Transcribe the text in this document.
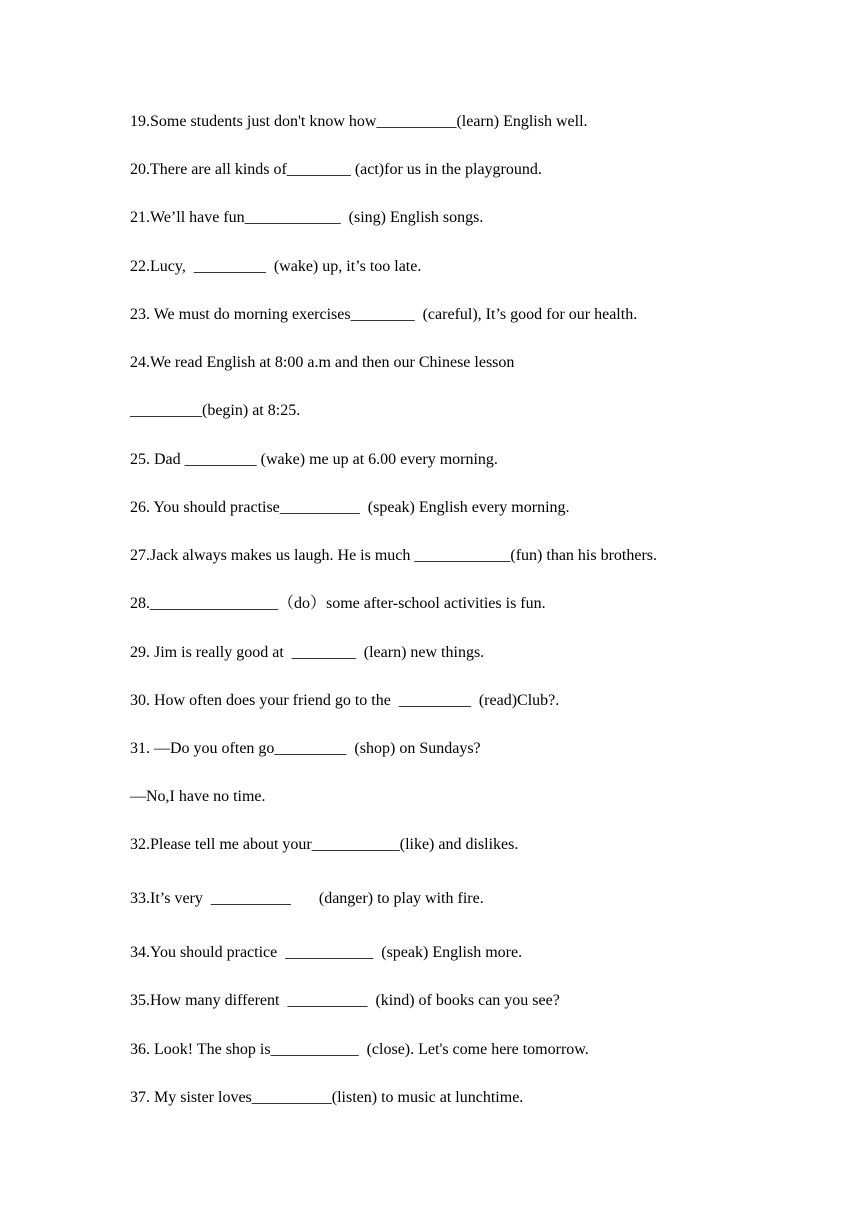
19.Some students just don't know how__________(learn) English well.
20.There are all kinds of________ (act)for us in the playground.
21.We’ll have fun____________  (sing) English songs.
22.Lucy,  _________  (wake) up, it’s too late.
23. We must do morning exercises________  (careful), It’s good for our health.
24.We read English at 8:00 a.m and then our Chinese lesson
_________(begin) at 8:25.
25. Dad _________ (wake) me up at 6.00 every morning.
26. You should practise__________  (speak) English every morning.
27.Jack always makes us laugh. He is much ____________(fun) than his brothers.
28.________________（do）some after-school activities is fun.
29. Jim is really good at  ________  (learn) new things.
30. How often does your friend go to the  _________  (read)Club?.
31. —Do you often go_________  (shop) on Sundays?
—No,I have no time.
32.Please tell me about your___________(like) and dislikes.
33.It’s very  __________       (danger) to play with fire.
34.You should practice  ___________  (speak) English more.
35.How many different  __________  (kind) of books can you see?
36. Look! The shop is___________  (close). Let's come here tomorrow.
37. My sister loves__________(listen) to music at lunchtime.
